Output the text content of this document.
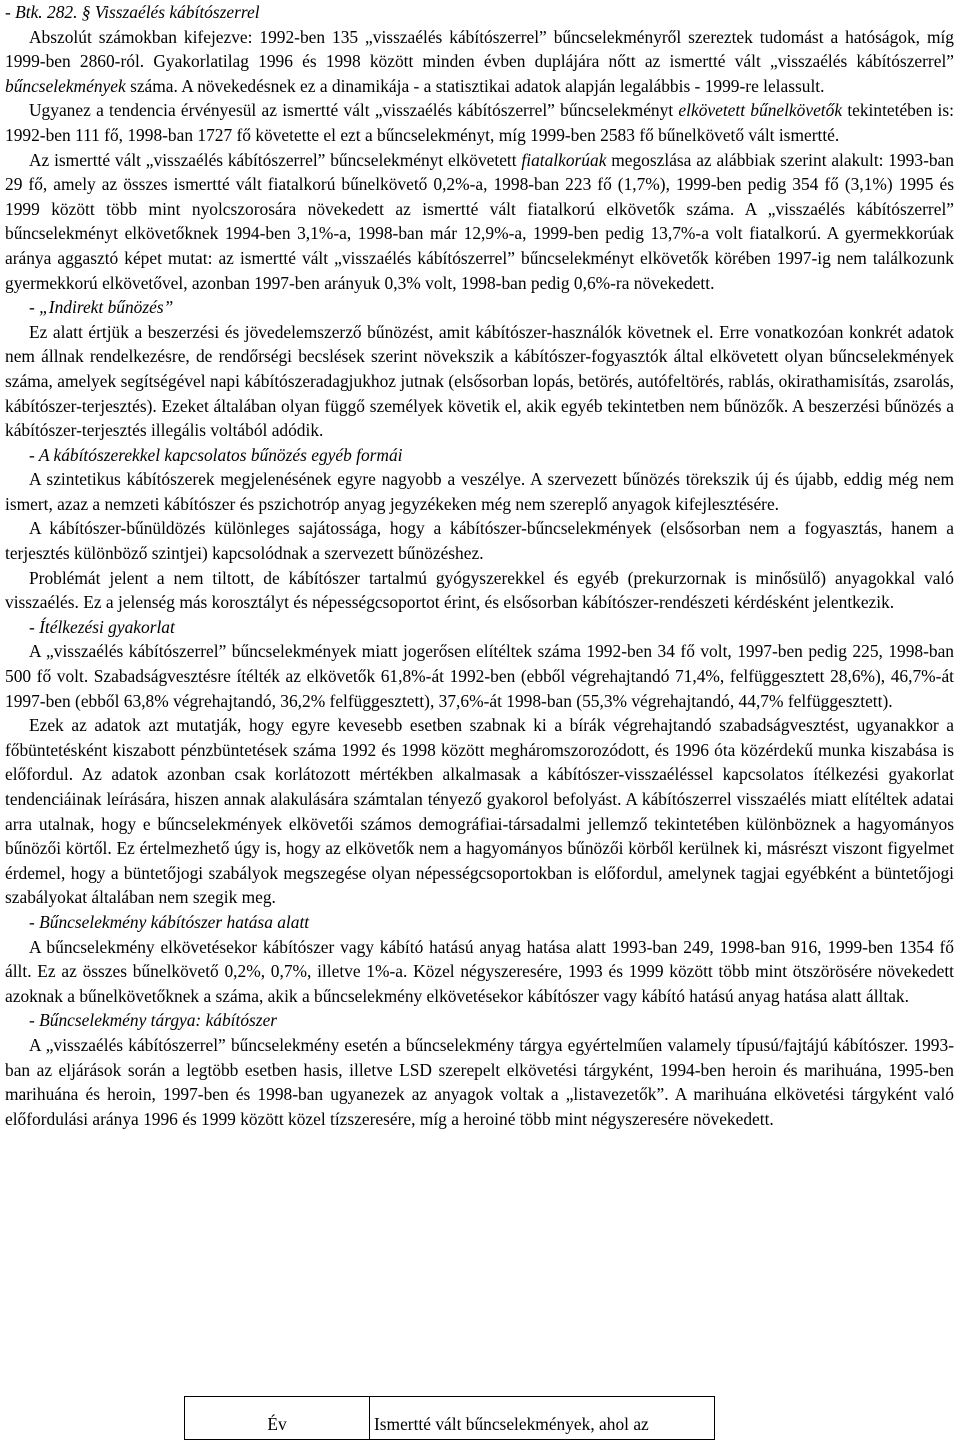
- Btk. 282. § Visszaélés kábítószerrel

Abszolút számokban kifejezve: 1992-ben 135 „visszaélés kábítószerrel” bűncselekményről szereztek tudomást a hatóságok, míg 1999-ben 2860-ról. Gyakorlatilag 1996 és 1998 között minden évben duplájára nőtt az ismertté vált „visszaélés kábítószerrel” bűncselekmények száma. A növekedésnek ez a dinamikája - a statisztikai adatok alapján legalábbis - 1999-re lelassult.

Ugyanez a tendencia érvényesül az ismertté vált „visszaélés kábítószerrel” bűncselekményt elkövetett bűnelkövetők tekintetében is: 1992-ben 111 fő, 1998-ban 1727 fő követette el ezt a bűncselekményt, míg 1999-ben 2583 fő bűnelkövető vált ismertté.

Az ismertté vált „visszaélés kábítószerrel” bűncselekményt elkövetett fiatalkorúak megoszlása az alábbiak szerint alakult: 1993-ban 29 fő, amely az összes ismertté vált fiatalkorú bűnelkövető 0,2%-a, 1998-ban 223 fő (1,7%), 1999-ben pedig 354 fő (3,1%) 1995 és 1999 között több mint nyolcszorosára növekedett az ismertté vált fiatalkorú elkövetők száma. A „visszaélés kábítószerrel” bűncselekményt elkövetőknek 1994-ben 3,1%-a, 1998-ban már 12,9%-a, 1999-ben pedig 13,7%-a volt fiatalkorú. A gyermekkorúak aránya aggasztó képet mutat: az ismertté vált „visszaélés kábítószerrel” bűncselekményt elkövetők körében 1997-ig nem találkozunk gyermekkorú elkövetővel, azonban 1997-ben arányuk 0,3% volt, 1998-ban pedig 0,6%-ra növekedett.

- „Indirekt bűnözés”

Ez alatt értjük a beszerzési és jövedelemszerző bűnözést, amit kábítószer-használók követnek el. Erre vonatkozóan konkrét adatok nem állnak rendelkezésre, de rendőrségi becslések szerint növekszik a kábítószer-fogyasztók által elkövetett olyan bűncselekmények száma, amelyek segítségével napi kábítószeradagjukhoz jutnak (elsősorban lopás, betörés, autófeltörés, rablás, okirathamisítás, zsarolás, kábítószer-terjesztés). Ezeket általában olyan függő személyek követik el, akik egyéb tekintetben nem bűnözők. A beszerzési bűnözés a kábítószer-terjesztés illegális voltából adódik.

- A kábítószerekkel kapcsolatos bűnözés egyéb formái

A szintetikus kábítószerek megjelenésének egyre nagyobb a veszélye. A szervezett bűnözés törekszik új és újabb, eddig még nem ismert, azaz a nemzeti kábítószer és pszichotróp anyag jegyzékeken még nem szereplő anyagok kifejlesztésére.

A kábítószer-bűnüldözés különleges sajátossága, hogy a kábítószer-bűncselekmények (elsősorban nem a fogyasztás, hanem a terjesztés különböző szintjei) kapcsolódnak a szervezett bűnözéshez.

Problémát jelent a nem tiltott, de kábítószer tartalmú gyógyszerekkel és egyéb (prekurzornak is minősülő) anyagokkal való visszaélés. Ez a jelenség más korosztályt és népességcsoportot érint, és elsősorban kábítószer-rendészeti kérdésként jelentkezik.

- Ítélkezési gyakorlat

A „visszaélés kábítószerrel” bűncselekmények miatt jogerősen elítéltek száma 1992-ben 34 fő volt, 1997-ben pedig 225, 1998-ban 500 fő volt. Szabadságvesztésre ítélték az elkövetők 61,8%-át 1992-ben (ebből végrehajtandó 71,4%, felfüggesztett 28,6%), 46,7%-át 1997-ben (ebből 63,8% végrehajtandó, 36,2% felfüggesztett), 37,6%-át 1998-ban (55,3% végrehajtandó, 44,7% felfüggesztett).

Ezek az adatok azt mutatják, hogy egyre kevesebb esetben szabnak ki a bírák végrehajtandó szabadságvesztést, ugyanakkor a főbüntetésként kiszabott pénzbüntetések száma 1992 és 1998 között megháromszorozódott, és 1996 óta közérdekű munka kiszabása is előfordul. Az adatok azonban csak korlátozott mértékben alkalmasak a kábítószer-visszaéléssel kapcsolatos ítélkezési gyakorlat tendenciáinak leírására, hiszen annak alakulására számtalan tényező gyakorol befolyást. A kábítószerrel visszaélés miatt elítéltek adatai arra utalnak, hogy e bűncselekmények elkövetői számos demográfiai-társadalmi jellemző tekintetében különböznek a hagyományos bűnözői körtől. Ez értelmezhető úgy is, hogy az elkövetők nem a hagyományos bűnözői körből kerülnek ki, másrészt viszont figyelmet érdemel, hogy a büntetőjogi szabályok megszegése olyan népességcsoportokban is előfordul, amelynek tagjai egyébként a büntetőjogi szabályokat általában nem szegik meg.

- Bűncselekmény kábítószer hatása alatt

A bűncselekmény elkövetésekor kábítószer vagy kábító hatású anyag hatása alatt 1993-ban 249, 1998-ban 916, 1999-ben 1354 fő állt. Ez az összes bűnelkövető 0,2%, 0,7%, illetve 1%-a. Közel négyszeresére, 1993 és 1999 között több mint ötszörösére növekedett azoknak a bűnelkövetőknek a száma, akik a bűncselekmény elkövetésekor kábítószer vagy kábító hatású anyag hatása alatt álltak.

- Bűncselekmény tárgya: kábítószer

A „visszaélés kábítószerrel” bűncselekmény esetén a bűncselekmény tárgya egyértelműen valamely típusú/fajtájú kábítószer. 1993-ban az eljárások során a legtöbb esetben hasis, illetve LSD szerepelt elkövetési tárgyként, 1994-ben heroin és marihuána, 1995-ben marihuána és heroin, 1997-ben és 1998-ban ugyanezek az anyagok voltak a „listavezetők”. A marihuána elkövetési tárgyként való előfordulási aránya 1996 és 1999 között közel tízszeresére, míg a heroiné több mint négyszeresére növekedett.

Év	Ismertté vált bűncselekmények, ahol az
